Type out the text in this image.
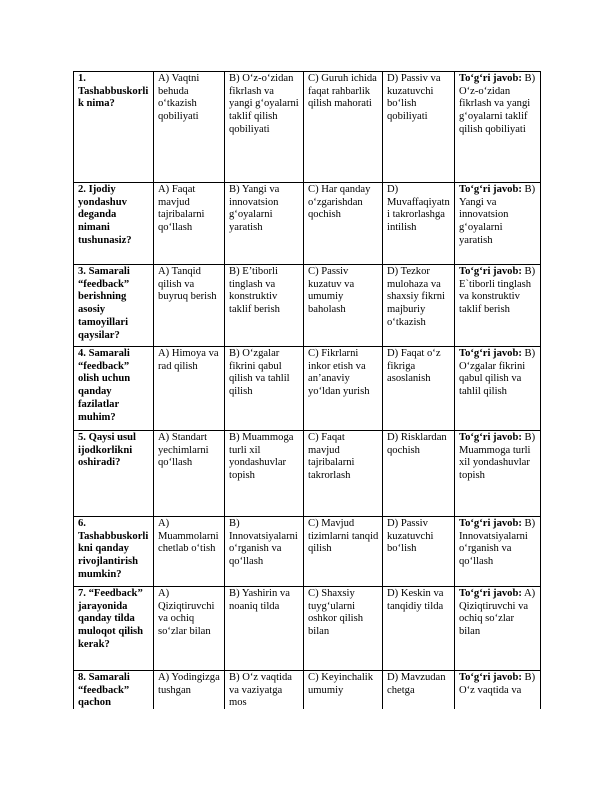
1. Tashabbuskorlik nima?	A) Vaqtni behuda o‘tkazish qobiliyati	B) O‘z-o‘zidan fikrlash va yangi g‘oyalarni taklif qilish qobiliyati	C) Guruh ichida faqat rahbarlik qilish mahorati	D) Passiv va kuzatuvchi bo‘lish qobiliyati	To‘g‘ri javob: B) O‘z-o‘zidan fikrlash va yangi g‘oyalarni taklif qilish qobiliyati
2. Ijodiy yondashuv deganda nimani tushunasiz?	A) Faqat mavjud tajribalarni qo‘llash	B) Yangi va innovatsion g‘oyalarni yaratish	C) Har qanday o‘zgarishdan qochish	D) Muvaffaqiyatni takrorlashga intilish	To‘g‘ri javob: B) Yangi va innovatsion g‘oyalarni yaratish
3. Samarali “feedback” berishning asosiy tamoyillari qaysilar?	A) Tanqid qilish va buyruq berish	B) E’tiborli tinglash va konstruktiv taklif berish	C) Passiv kuzatuv va umumiy baholash	D) Tezkor mulohaza va shaxsiy fikrni majburiy o‘tkazish	To‘g‘ri javob: B) E`tiborli tinglash va konstruktiv taklif berish
4. Samarali “feedback” olish uchun qanday fazilatlar muhim?	A) Himoya va rad qilish	B) O‘zgalar fikrini qabul qilish va tahlil qilish	C) Fikrlarni inkor etish va an’anaviy yo‘ldan yurish	D) Faqat o‘z fikriga asoslanish	To‘g‘ri javob: B) O‘zgalar fikrini qabul qilish va tahlil qilish
5. Qaysi usul ijodkorlikni oshiradi?	A) Standart yechimlarni qo‘llash	B) Muammoga turli xil yondashuvlar topish	C) Faqat mavjud tajribalarni takrorlash	D) Risklardan qochish	To‘g‘ri javob: B) Muammoga turli xil yondashuvlar topish
6. Tashabbuskorlikni qanday rivojlantirish mumkin?	A) Muammolarni chetlab o‘tish	B) Innovatsiyalarni o‘rganish va qo‘llash	C) Mavjud tizimlarni tanqid qilish	D) Passiv kuzatuvchi bo‘lish	To‘g‘ri javob: B) Innovatsiyalarni o‘rganish va qo‘llash
7. “Feedback” jarayonida qanday tilda muloqot qilish kerak?	A) Qiziqtiruvchi va ochiq so‘zlar bilan	B) Yashirin va noaniq tilda	C) Shaxsiy tuyg‘ularni oshkor qilish bilan	D) Keskin va tanqidiy tilda	To‘g‘ri javob: A) Qiziqtiruvchi va ochiq so‘zlar bilan
8. Samarali “feedback” qachon	A) Yodingizga tushgan	B) O‘z vaqtida va vaziyatga mos	C) Keyinchalik umumiy	D) Mavzudan chetga	To‘g‘ri javob: B) O‘z vaqtida va
